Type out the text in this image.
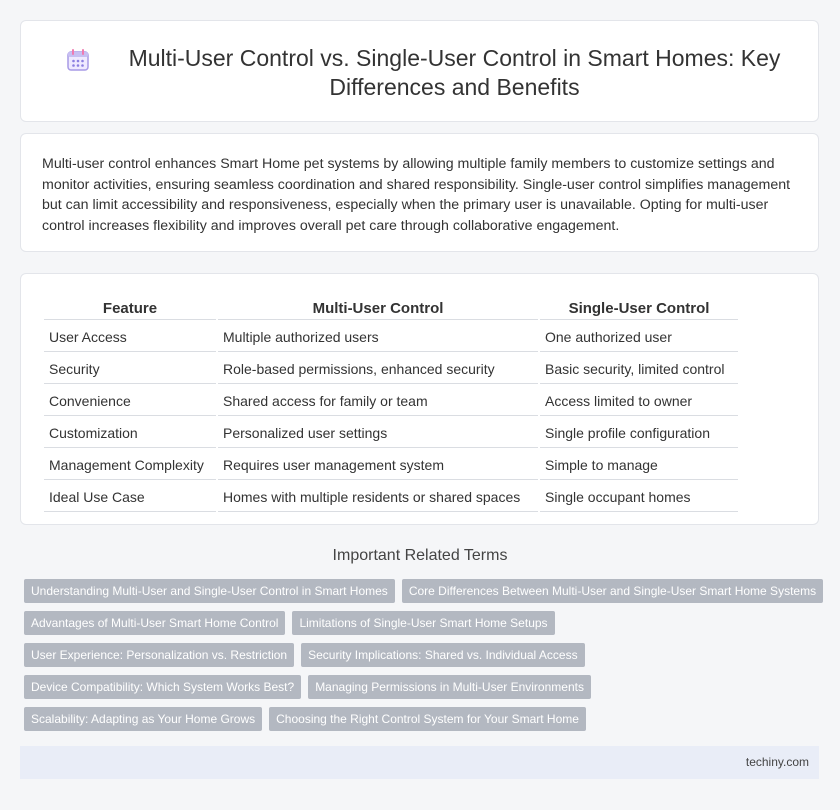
Multi-User Control vs. Single-User Control in Smart Homes: Key Differences and Benefits

Multi-user control enhances Smart Home pet systems by allowing multiple family members to customize settings and monitor activities, ensuring seamless coordination and shared responsibility. Single-user control simplifies management but can limit accessibility and responsiveness, especially when the primary user is unavailable. Opting for multi-user control increases flexibility and improves overall pet care through collaborative engagement.

Feature	Multi-User Control	Single-User Control
User Access	Multiple authorized users	One authorized user
Security	Role-based permissions, enhanced security	Basic security, limited control
Convenience	Shared access for family or team	Access limited to owner
Customization	Personalized user settings	Single profile configuration
Management Complexity	Requires user management system	Simple to manage
Ideal Use Case	Homes with multiple residents or shared spaces	Single occupant homes
Important Related Terms
Understanding Multi-User and Single-User Control in Smart Homes Core Differences Between Multi-User and Single-User Smart Home Systems
Advantages of Multi-User Smart Home Control Limitations of Single-User Smart Home Setups
User Experience: Personalization vs. Restriction Security Implications: Shared vs. Individual Access
Device Compatibility: Which System Works Best? Managing Permissions in Multi-User Environments
Scalability: Adapting as Your Home Grows Choosing the Right Control System for Your Smart Home
techiny.com
